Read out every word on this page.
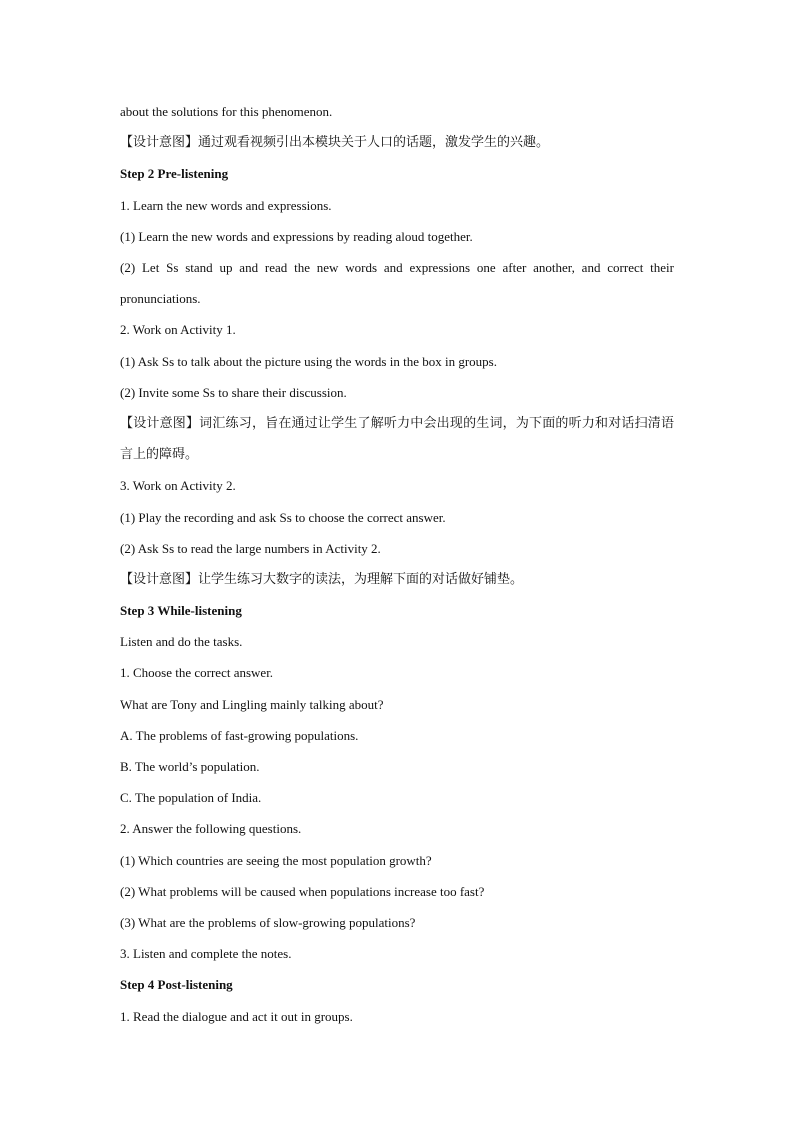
about the solutions for this phenomenon.
【设计意图】通过观看视频引出本模块关于人口的话题，激发学生的兴趣。
Step 2 Pre-listening
1. Learn the new words and expressions.
(1) Learn the new words and expressions by reading aloud together.
(2) Let Ss stand up and read the new words and expressions one after another, and correct their pronunciations.
2. Work on Activity 1.
(1) Ask Ss to talk about the picture using the words in the box in groups.
(2) Invite some Ss to share their discussion.
【设计意图】词汇练习，旨在通过让学生了解听力中会出现的生词，为下面的听力和对话扫清语言上的障碍。
3. Work on Activity 2.
(1) Play the recording and ask Ss to choose the correct answer.
(2) Ask Ss to read the large numbers in Activity 2.
【设计意图】让学生练习大数字的读法，为理解下面的对话做好铺垫。
Step 3 While-listening
Listen and do the tasks.
1. Choose the correct answer.
What are Tony and Lingling mainly talking about?
A. The problems of fast-growing populations.
B. The world’s population.
C. The population of India.
2. Answer the following questions.
(1) Which countries are seeing the most population growth?
(2) What problems will be caused when populations increase too fast?
(3) What are the problems of slow-growing populations?
3. Listen and complete the notes.
Step 4 Post-listening
1. Read the dialogue and act it out in groups.
